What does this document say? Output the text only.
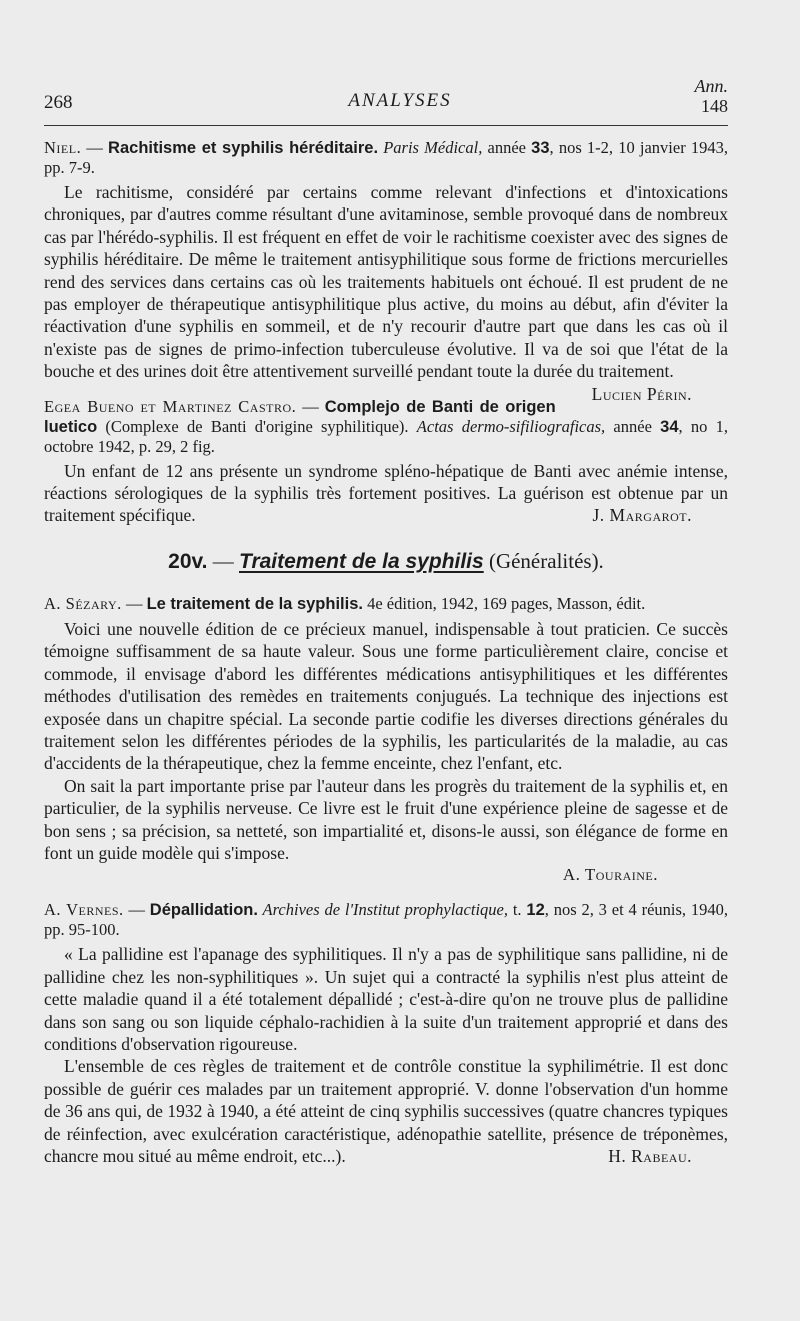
268	ANALYSES
Ann.
148

Niel. — Rachitisme et syphilis héréditaire. Paris Médical, année 33, nos 1-2, 10 janvier 1943, pp. 7-9.

Le rachitisme, considéré par certains comme relevant d'infections et d'intoxications chroniques, par d'autres comme résultant d'une avitaminose, semble provoqué dans de nombreux cas par l'hérédo-syphilis. Il est fréquent en effet de voir le rachitisme coexister avec des signes de syphilis héréditaire. De même le traitement antisyphilitique sous forme de frictions mercurielles rend des services dans certains cas où les traitements habituels ont échoué. Il est prudent de ne pas employer de thérapeutique antisyphilitique plus active, du moins au début, afin d'éviter la réactivation d'une syphilis en sommeil, et de n'y recourir d'autre part que dans les cas où il n'existe pas de signes de primo-infection tuberculeuse évolutive. Il va de soi que l'état de la bouche et des urines doit être attentivement surveillé pendant toute la durée du traitement.
Lucien Périn.

Egea Bueno et Martinez Castro. — Complejo de Banti de origen luetico (Complexe de Banti d'origine syphilitique). Actas dermo-sifiliograficas, année 34, no 1, octobre 1942, p. 29, 2 fig.

Un enfant de 12 ans présente un syndrome spléno-hépatique de Banti avec anémie intense, réactions sérologiques de la syphilis très fortement positives. La guérison est obtenue par un traitement spécifique.	J. Margarot.

20v. — Traitement de la syphilis (Généralités).

A. Sézary. — Le traitement de la syphilis. 4e édition, 1942, 169 pages, Masson, édit.

Voici une nouvelle édition de ce précieux manuel, indispensable à tout praticien. Ce succès témoigne suffisamment de sa haute valeur. Sous une forme particulièrement claire, concise et commode, il envisage d'abord les différentes médications antisyphilitiques et les différentes méthodes d'utilisation des remèdes en traitements conjugués. La technique des injections est exposée dans un chapitre spécial. La seconde partie codifie les diverses directions générales du traitement selon les différentes périodes de la syphilis, les particularités de la maladie, au cas d'accidents de la thérapeutique, chez la femme enceinte, chez l'enfant, etc.

On sait la part importante prise par l'auteur dans les progrès du traitement de la syphilis et, en particulier, de la syphilis nerveuse. Ce livre est le fruit d'une expérience pleine de sagesse et de bon sens ; sa précision, sa netteté, son impartialité et, disons-le aussi, son élégance de forme en font un guide modèle qui s'impose.

A. Touraine.

A. Vernes. — Dépallidation. Archives de l'Institut prophylactique, t. 12, nos 2, 3 et 4 réunis, 1940, pp. 95-100.

« La pallidine est l'apanage des syphilitiques. Il n'y a pas de syphilitique sans pallidine, ni de pallidine chez les non-syphilitiques ». Un sujet qui a contracté la syphilis n'est plus atteint de cette maladie quand il a été totalement dépallidé ; c'est-à-dire qu'on ne trouve plus de pallidine dans son sang ou son liquide céphalo-rachidien à la suite d'un traitement approprié et dans des conditions d'observation rigoureuse.

L'ensemble de ces règles de traitement et de contrôle constitue la syphilimétrie. Il est donc possible de guérir ces malades par un traitement approprié. V. donne l'observation d'un homme de 36 ans qui, de 1932 à 1940, a été atteint de cinq syphilis successives (quatre chancres typiques de réinfection, avec exulcération caractéristique, adénopathie satellite, présence de tréponèmes, chancre mou situé au même endroit, etc...).	H. Rabeau.
